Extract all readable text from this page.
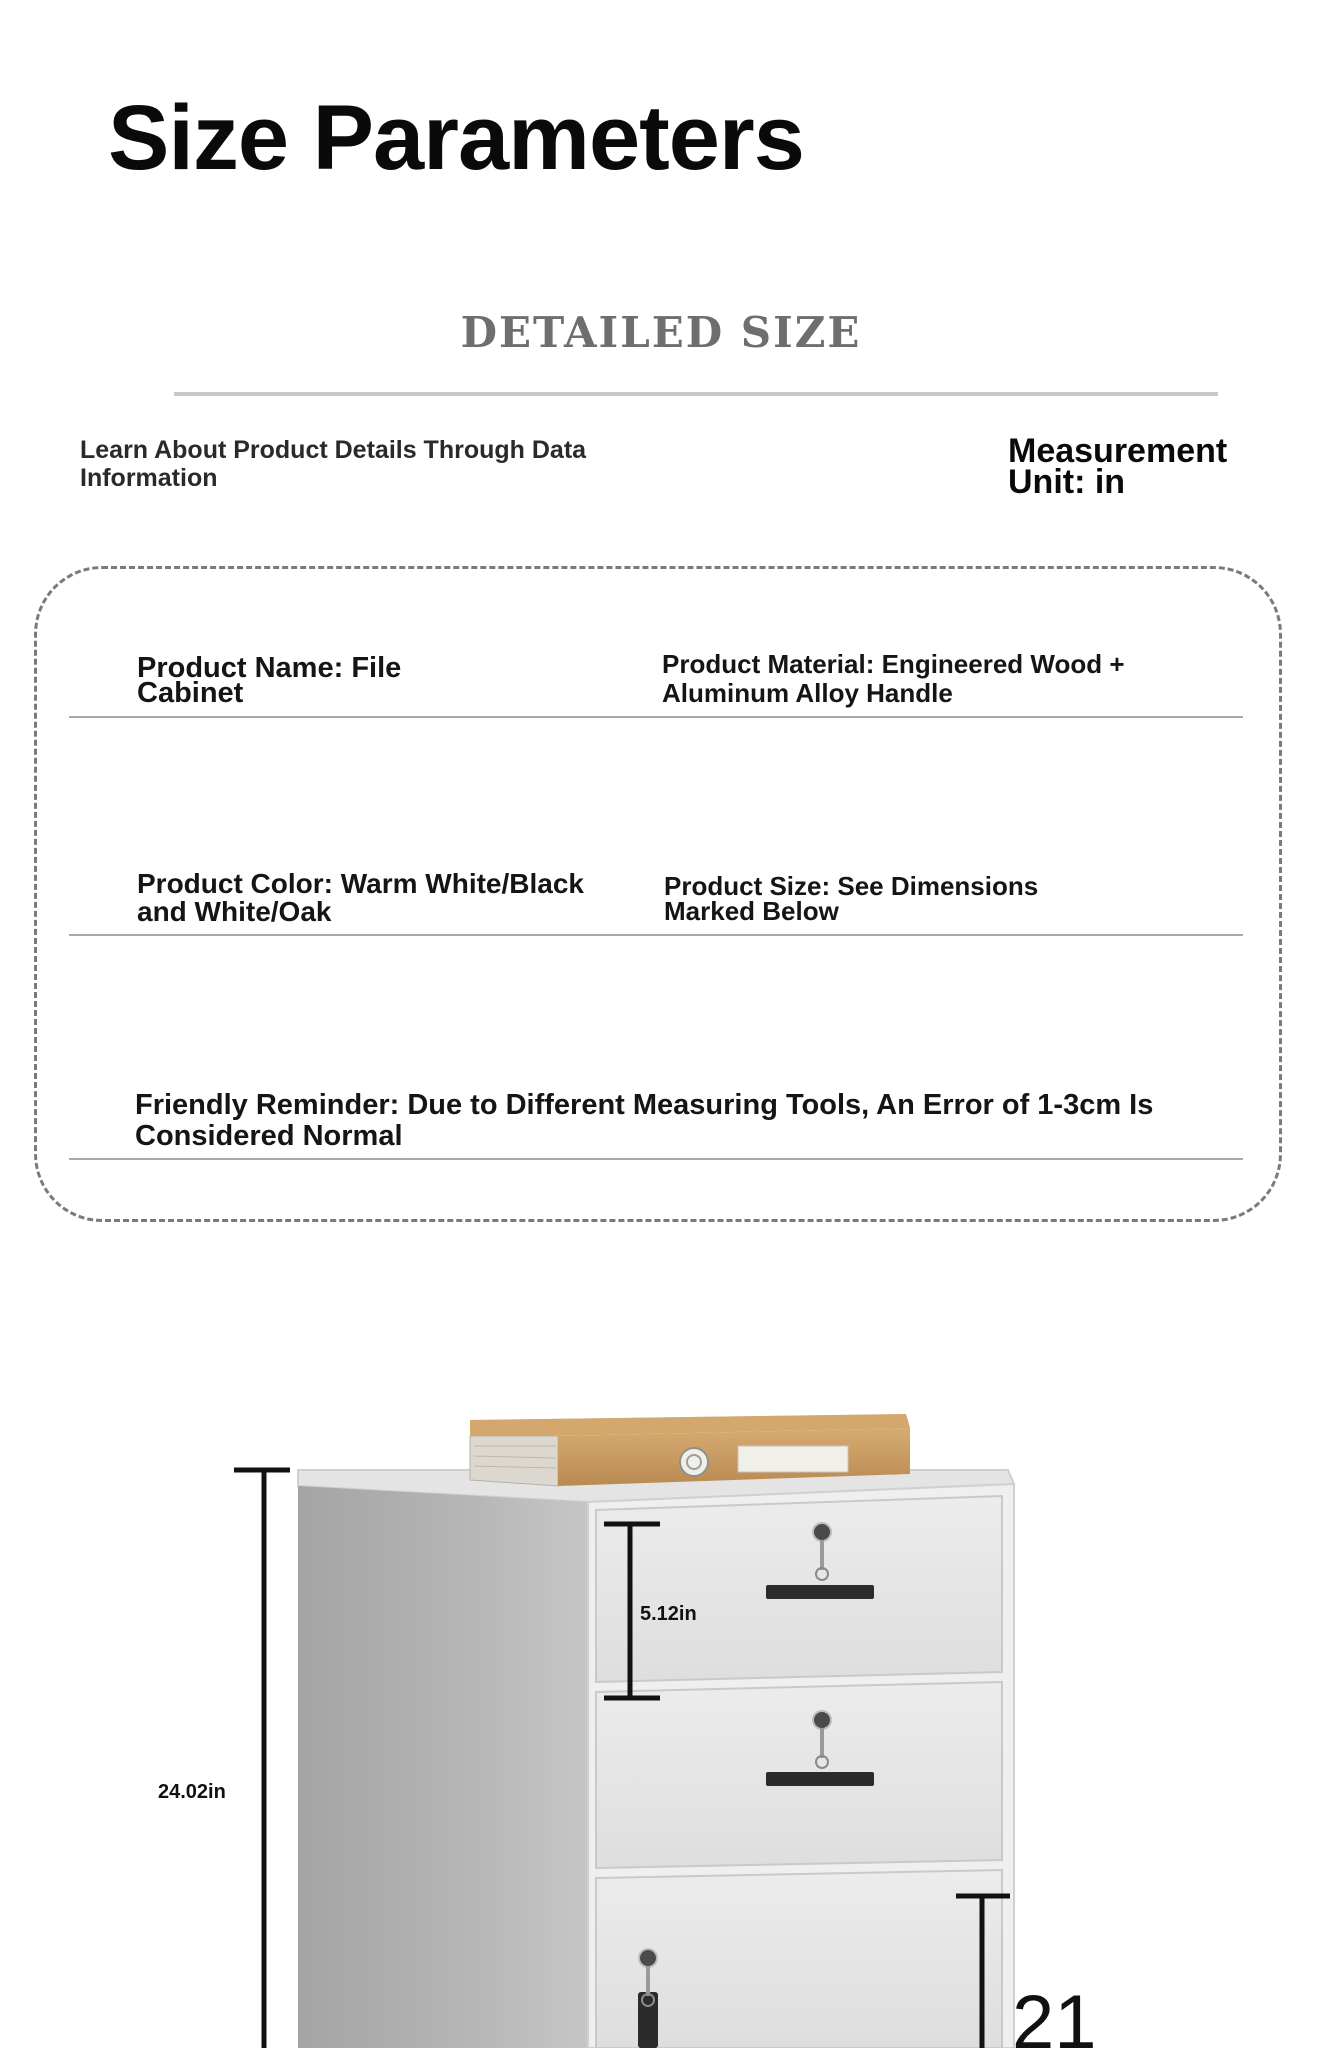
Size Parameters
DETAILED SIZE
Learn About Product Details Through Data Information
Measurement Unit: in
Product Name: File Cabinet
Product Material: Engineered Wood + Aluminum Alloy Handle
Product Color: Warm White/Black and White/Oak
Product Size: See Dimensions Marked Below
Friendly Reminder: Due to Different Measuring Tools, An Error of 1-3cm Is Considered Normal
5.12in
24.02in
21
